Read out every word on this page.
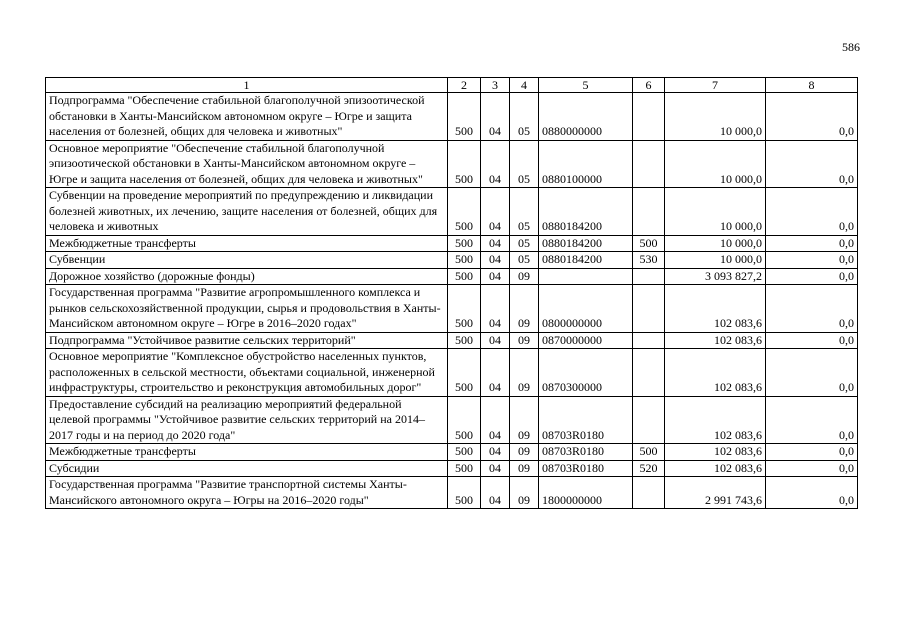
586
1	2	3	4	5	6	7	8
Подпрограмма "Обеспечение стабильной благополучной эпизоотической обстановки в Ханты-Мансийском автономном округе – Югре и защита населения от болезней, общих для человека и животных"	500	04	05	0880000000		10 000,0	0,0
Основное мероприятие "Обеспечение стабильной благополучной эпизоотической обстановки в Ханты-Мансийском автономном округе – Югре и защита населения от болезней, общих для человека и животных"	500	04	05	0880100000		10 000,0	0,0
Субвенции на проведение мероприятий по предупреждению и ликвидации болезней животных, их лечению, защите населения от болезней, общих для человека и животных	500	04	05	0880184200		10 000,0	0,0
Межбюджетные трансферты	500	04	05	0880184200	500	10 000,0	0,0
Субвенции	500	04	05	0880184200	530	10 000,0	0,0
Дорожное хозяйство (дорожные фонды)	500	04	09			3 093 827,2	0,0
Государственная программа "Развитие агропромышленного комплекса и рынков сельскохозяйственной продукции, сырья и продовольствия в Ханты-Мансийском автономном округе – Югре в 2016–2020 годах"	500	04	09	0800000000		102 083,6	0,0
Подпрограмма "Устойчивое развитие сельских территорий"	500	04	09	0870000000		102 083,6	0,0
Основное мероприятие "Комплексное обустройство населенных пунктов, расположенных в сельской местности, объектами социальной, инженерной инфраструктуры, строительство и реконструкция автомобильных дорог"	500	04	09	0870300000		102 083,6	0,0
Предоставление субсидий на реализацию мероприятий федеральной целевой программы "Устойчивое развитие сельских территорий на 2014–2017 годы и на период до 2020 года"	500	04	09	08703R0180		102 083,6	0,0
Межбюджетные трансферты	500	04	09	08703R0180	500	102 083,6	0,0
Субсидии	500	04	09	08703R0180	520	102 083,6	0,0
Государственная программа "Развитие транспортной системы Ханты-Мансийского автономного округа – Югры на 2016–2020 годы"	500	04	09	1800000000		2 991 743,6	0,0
